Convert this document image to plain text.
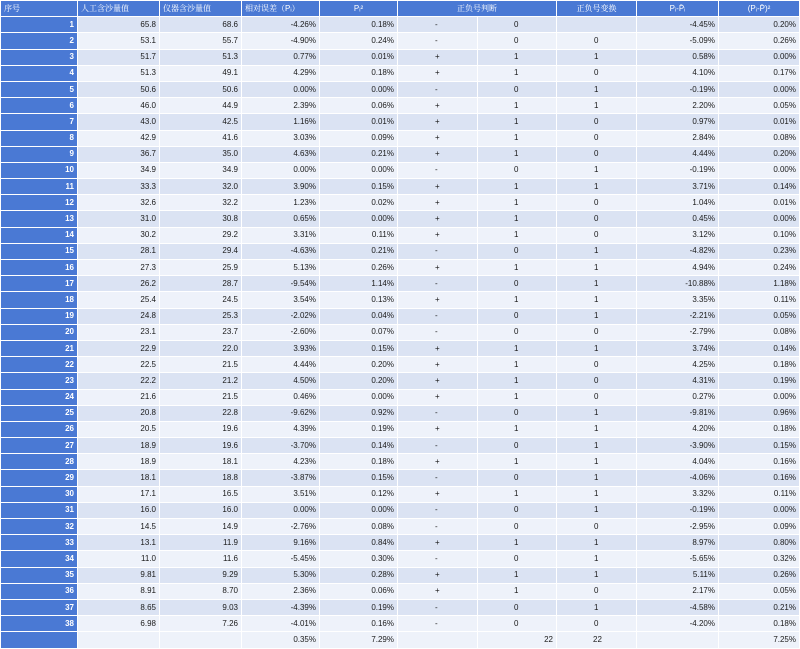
序号	人工含沙量值	仪器含沙量值	相对误差（Pᵢ）	Pᵢ²	正负号判断		正负号变换	Pᵢ-P̄ᵢ	(Pᵢ-P̄)²
1	65.8	68.6	-4.26%	0.18%	-	0		-4.45%	0.20%
2	53.1	55.7	-4.90%	0.24%	-	0	0	-5.09%	0.26%
3	51.7	51.3	0.77%	0.01%	+	1	1	0.58%	0.00%
4	51.3	49.1	4.29%	0.18%	+	1	0	4.10%	0.17%
5	50.6	50.6	0.00%	0.00%	-	0	1	-0.19%	0.00%
6	46.0	44.9	2.39%	0.06%	+	1	1	2.20%	0.05%
7	43.0	42.5	1.16%	0.01%	+	1	0	0.97%	0.01%
8	42.9	41.6	3.03%	0.09%	+	1	0	2.84%	0.08%
9	36.7	35.0	4.63%	0.21%	+	1	0	4.44%	0.20%
10	34.9	34.9	0.00%	0.00%	-	0	1	-0.19%	0.00%
11	33.3	32.0	3.90%	0.15%	+	1	1	3.71%	0.14%
12	32.6	32.2	1.23%	0.02%	+	1	0	1.04%	0.01%
13	31.0	30.8	0.65%	0.00%	+	1	0	0.45%	0.00%
14	30.2	29.2	3.31%	0.11%	+	1	0	3.12%	0.10%
15	28.1	29.4	-4.63%	0.21%	-	0	1	-4.82%	0.23%
16	27.3	25.9	5.13%	0.26%	+	1	1	4.94%	0.24%
17	26.2	28.7	-9.54%	1.14%	-	0	1	-10.88%	1.18%
18	25.4	24.5	3.54%	0.13%	+	1	1	3.35%	0.11%
19	24.8	25.3	-2.02%	0.04%	-	0	1	-2.21%	0.05%
20	23.1	23.7	-2.60%	0.07%	-	0	0	-2.79%	0.08%
21	22.9	22.0	3.93%	0.15%	+	1	1	3.74%	0.14%
22	22.5	21.5	4.44%	0.20%	+	1	0	4.25%	0.18%
23	22.2	21.2	4.50%	0.20%	+	1	0	4.31%	0.19%
24	21.6	21.5	0.46%	0.00%	+	1	0	0.27%	0.00%
25	20.8	22.8	-9.62%	0.92%	-	0	1	-9.81%	0.96%
26	20.5	19.6	4.39%	0.19%	+	1	1	4.20%	0.18%
27	18.9	19.6	-3.70%	0.14%	-	0	1	-3.90%	0.15%
28	18.9	18.1	4.23%	0.18%	+	1	1	4.04%	0.16%
29	18.1	18.8	-3.87%	0.15%	-	0	1	-4.06%	0.16%
30	17.1	16.5	3.51%	0.12%	+	1	1	3.32%	0.11%
31	16.0	16.0	0.00%	0.00%	-	0	1	-0.19%	0.00%
32	14.5	14.9	-2.76%	0.08%	-	0	0	-2.95%	0.09%
33	13.1	11.9	9.16%	0.84%	+	1	1	8.97%	0.80%
34	11.0	11.6	-5.45%	0.30%	-	0	1	-5.65%	0.32%
35	9.81	9.29	5.30%	0.28%	+	1	1	5.11%	0.26%
36	8.91	8.70	2.36%	0.06%	+	1	0	2.17%	0.05%
37	8.65	9.03	-4.39%	0.19%	-	0	1	-4.58%	0.21%
38	6.98	7.26	-4.01%	0.16%	-	0	0	-4.20%	0.18%
			0.35%	7.29%		22	22		7.25%
